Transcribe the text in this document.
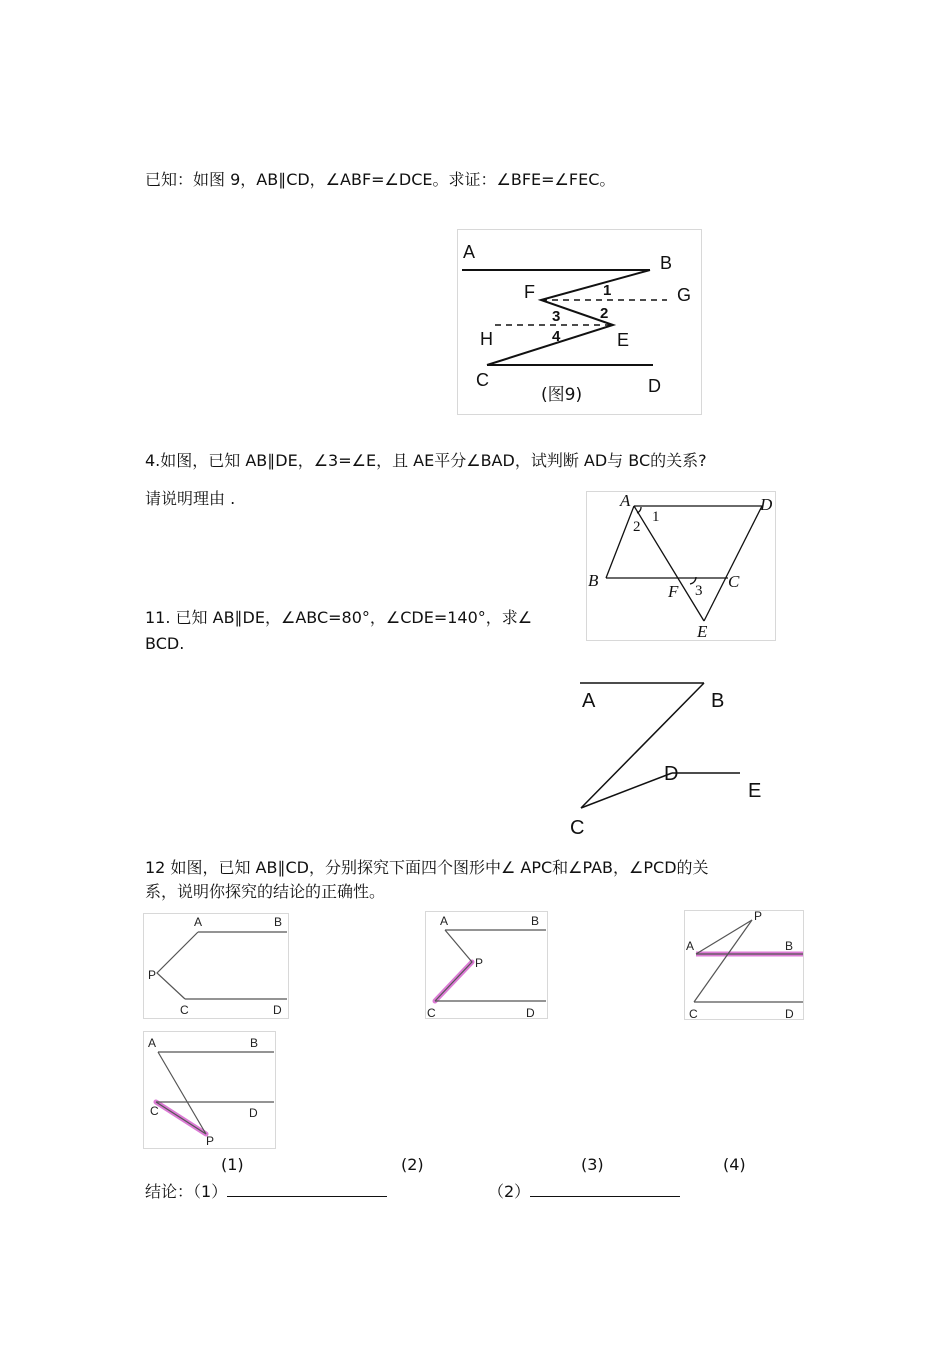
已知：如图 9，AB∥CD，∠ABF=∠DCE。求证：∠BFE=∠FEC。
A
B
F	G
H	E
C	D
1
2
3
4
(图9)
4.如图，已知 AB∥DE，∠3=∠E，且 AE平分∠BAD，试判断 AD与 BC的关系?
请说明理由 .	A	D
B
F
C
E
1
2
3
11. 已知 AB∥DE，∠ABC=80°，∠CDE=140°，求∠
BCD.
A	B
D
E
C
12 如图，已知 AB∥CD，分别探究下面四个图形中∠ APC和∠PAB，∠PCD的关
系，说明你探究的结论的正确性。
A	B
P
C	D
A	B
P
C	D
P
A	B
C	D
A	B
C	D
P
(1)	(2)	(3)	(4)
结论：（1）	（2）
